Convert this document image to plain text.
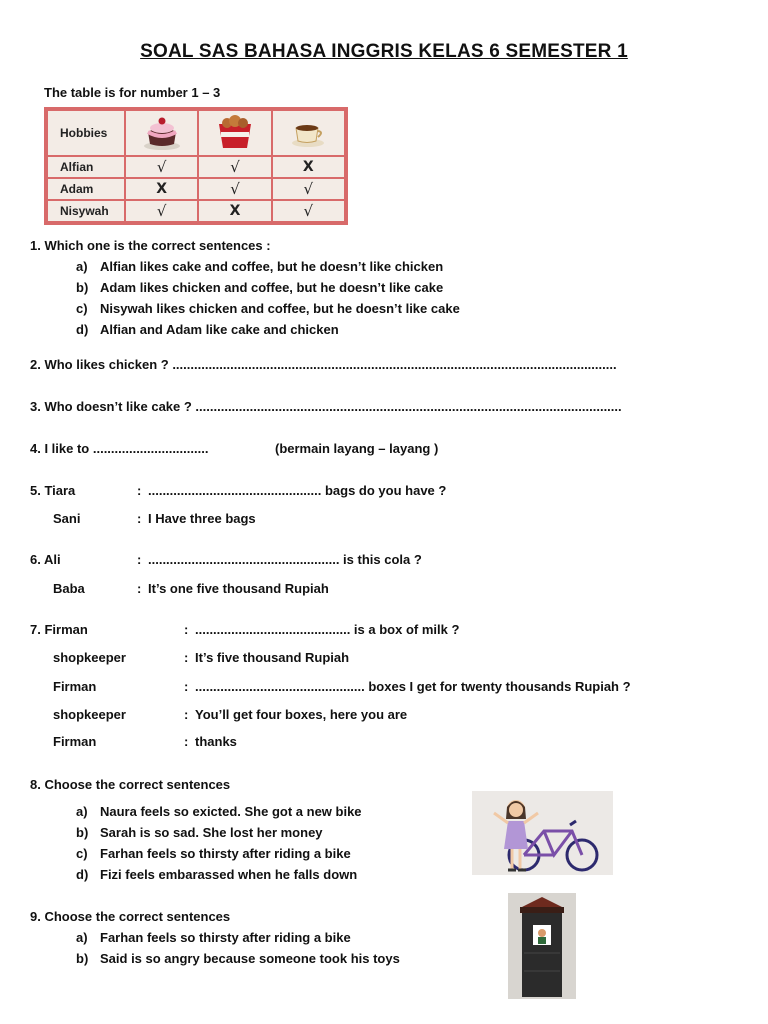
SOAL SAS BAHASA INGGRIS KELAS 6 SEMESTER 1
The table is for number 1 – 3
Hobbies			
Alfian	√	√	X
Adam	X	√	√
Nisywah	√	X	√
1. Which one is the correct sentences :
a) Alfian likes cake and coffee, but he doesn’t like chicken
b) Adam likes chicken and coffee, but he doesn’t like cake
c) Nisywah likes chicken and coffee, but he doesn’t like cake
d) Alfian and Adam like cake and chicken
2. Who likes chicken ? ...........................................................................................................................
3. Who doesn’t like cake ? ......................................................................................................................
4. I like to ................................	(bermain layang – layang )
5. Tiara	: ................................................ bags do you have ?
Sani	: I Have three bags
6. Ali	: ..................................................... is this cola ?
Baba	: It’s one five thousand Rupiah
7. Firman	: ........................................... is a box of milk ?
shopkeeper	: It’s five thousand Rupiah
Firman	: ............................................... boxes I get for twenty thousands Rupiah ?
shopkeeper	: You’ll get four boxes, here you are
Firman	: thanks
8. Choose the correct sentences
a) Naura feels so exicted. She got a new bike
b) Sarah is so sad. She lost her money
c) Farhan feels so thirsty after riding a bike
d) Fizi feels embarassed when he falls down
9. Choose the correct sentences
a) Farhan feels so thirsty after riding a bike
b) Said is so angry because someone took his toys
